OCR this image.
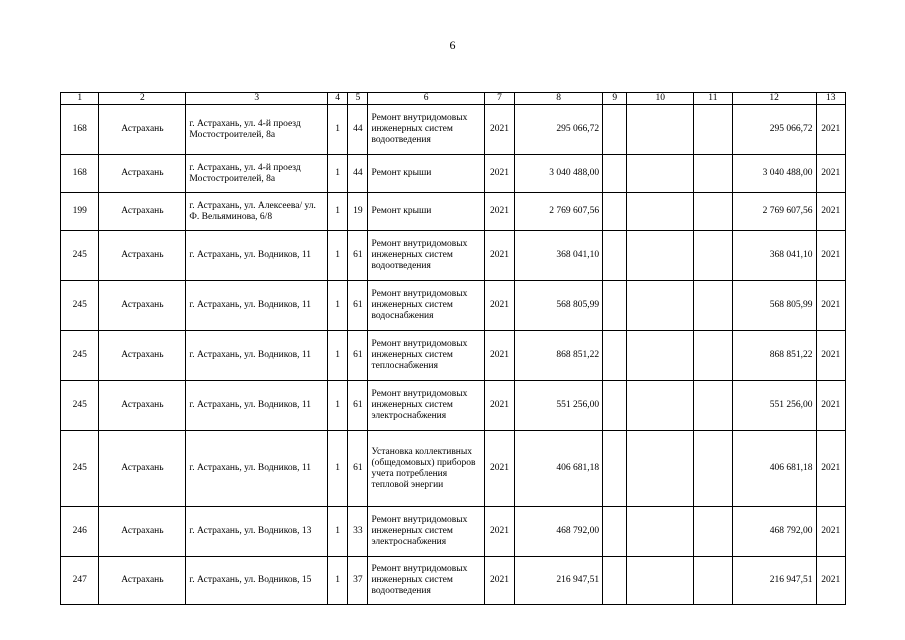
6
1	2	3	4	5	6	7	8	9	10	11	12	13
168	Астрахань	г. Астрахань, ул. 4-й проезд Мостостроителей, 8а	1	44	Ремонт внутридомовых инженерных систем водоотведения	2021	295 066,72				295 066,72	2021
168	Астрахань	г. Астрахань, ул. 4-й проезд Мостостроителей, 8а	1	44	Ремонт крыши	2021	3 040 488,00				3 040 488,00	2021
199	Астрахань	г. Астрахань, ул. Алексеева/ ул. Ф. Вельяминова, 6/8	1	19	Ремонт крыши	2021	2 769 607,56				2 769 607,56	2021
245	Астрахань	г. Астрахань, ул. Водников, 11	1	61	Ремонт внутридомовых инженерных систем водоотведения	2021	368 041,10				368 041,10	2021
245	Астрахань	г. Астрахань, ул. Водников, 11	1	61	Ремонт внутридомовых инженерных систем водоснабжения	2021	568 805,99				568 805,99	2021
245	Астрахань	г. Астрахань, ул. Водников, 11	1	61	Ремонт внутридомовых инженерных систем теплоснабжения	2021	868 851,22				868 851,22	2021
245	Астрахань	г. Астрахань, ул. Водников, 11	1	61	Ремонт внутридомовых инженерных систем электроснабжения	2021	551 256,00				551 256,00	2021
245	Астрахань	г. Астрахань, ул. Водников, 11	1	61	Установка коллективных (общедомовых) приборов учета потребления тепловой энергии	2021	406 681,18				406 681,18	2021
246	Астрахань	г. Астрахань, ул. Водников, 13	1	33	Ремонт внутридомовых инженерных систем электроснабжения	2021	468 792,00				468 792,00	2021
247	Астрахань	г. Астрахань, ул. Водников, 15	1	37	Ремонт внутридомовых инженерных систем водоотведения	2021	216 947,51				216 947,51	2021
